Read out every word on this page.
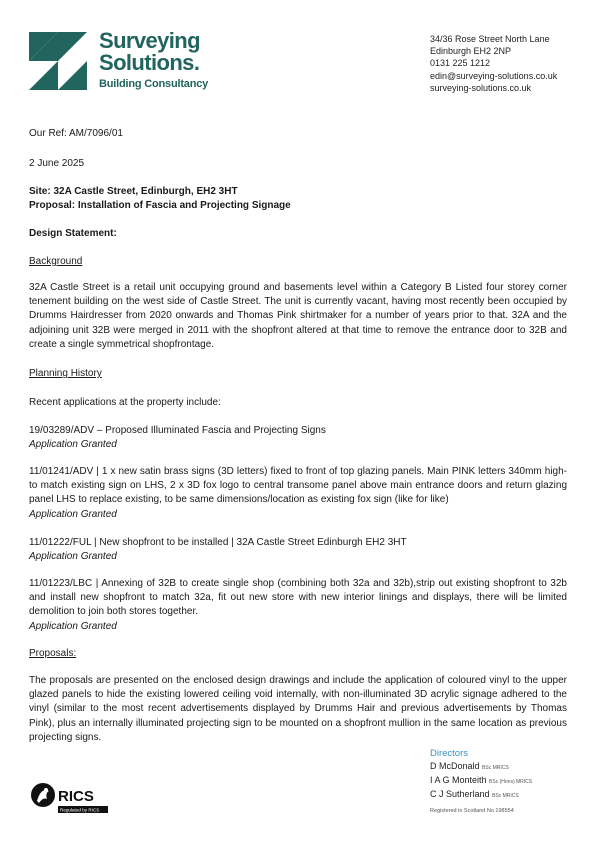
Surveying
Solutions.
Building Consultancy
34/36 Rose Street North Lane
Edinburgh EH2 2NP
0131 225 1212
edin@surveying-solutions.co.uk
surveying-solutions.co.uk
Our Ref: AM/7096/01
2 June 2025
Site: 32A Castle Street, Edinburgh, EH2 3HT
Proposal: Installation of Fascia and Projecting Signage
Design Statement:
Background
32A Castle Street is a retail unit occupying ground and basements level within a Category B Listed four storey corner tenement building on the west side of Castle Street. The unit is currently vacant, having most recently been occupied by Drumms Hairdresser from 2020 onwards and Thomas Pink shirtmaker for a number of years prior to that. 32A and the adjoining unit 32B were merged in 2011 with the shopfront altered at that time to remove the entrance door to 32B and create a single symmetrical shopfrontage.
Planning History
Recent applications at the property include:
19/03289/ADV – Proposed Illuminated Fascia and Projecting Signs
Application Granted
11/01241/ADV | 1 x new satin brass signs (3D letters) fixed to front of top glazing panels. Main PINK letters 340mm high- to match existing sign on LHS, 2 x 3D fox logo to central transome panel above main entrance doors and return glazing panel LHS to replace existing, to be same dimensions/location as existing fox sign (like for like)
Application Granted
11/01222/FUL | New shopfront to be installed | 32A Castle Street Edinburgh EH2 3HT
Application Granted
11/01223/LBC | Annexing of 32B to create single shop (combining both 32a and 32b),strip out existing shopfront to 32b and install new shopfront to match 32a, fit out new store with new interior linings and displays, there will be limited demolition to join both stores together.
Application Granted
Proposals:
The proposals are presented on the enclosed design drawings and include the application of coloured vinyl to the upper glazed panels to hide the existing lowered ceiling void internally, with non-illuminated 3D acrylic signage adhered to the vinyl (similar to the most recent advertisements displayed by Drumms Hair and previous advertisements by Thomas Pink), plus an internally illuminated projecting sign to be mounted on a shopfront mullion in the same location as previous projecting signs.
RICS
Regulated by RICS
Directors
D McDonald BSc MRICS
I A G Monteith BSc (Hons) MRICS
C J Sutherland BSc MRICS
Registered in Scotland No 198554
